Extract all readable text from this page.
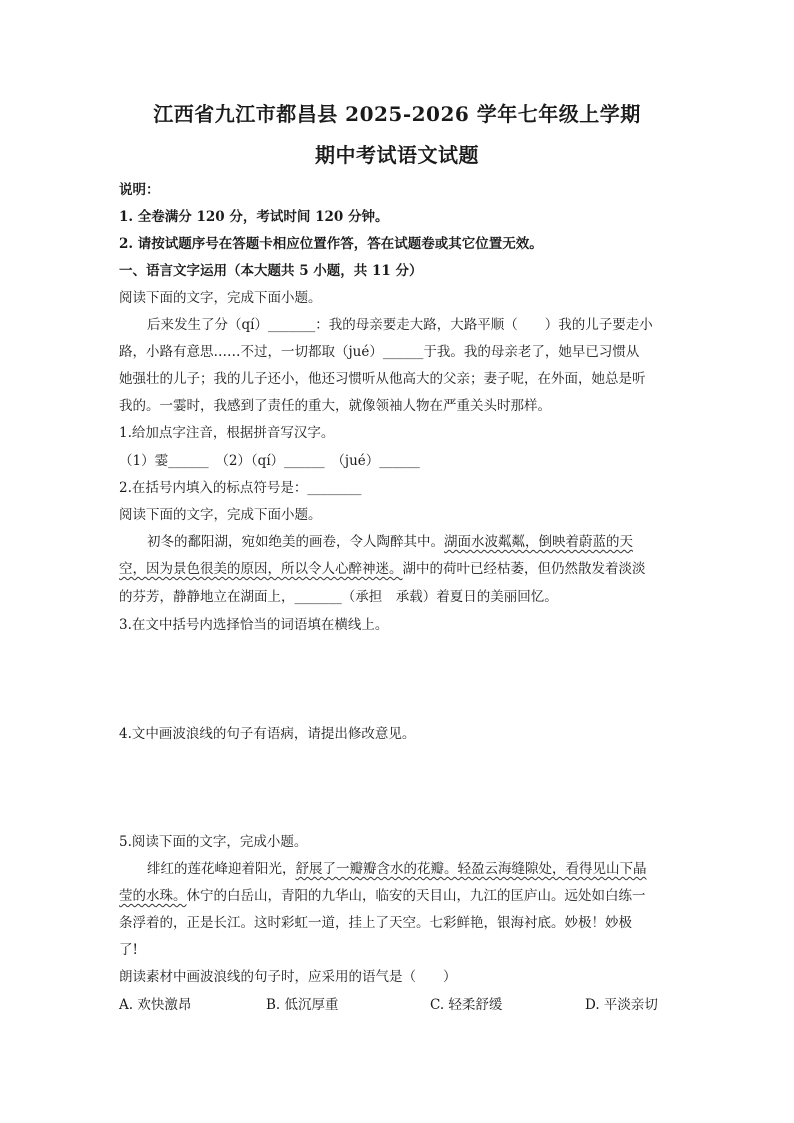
江西省九江市都昌县 2025-2026 学年七年级上学期
期中考试语文试题
说明：
1. 全卷满分 120 分，考试时间 120 分钟。
2. 请按试题序号在答题卡相应位置作答，答在试题卷或其它位置无效。
一、语言文字运用（本大题共 5 小题，共 11 分）
阅读下面的文字，完成下面小题。
后来发生了分（qí）_______：我的母亲要走大路，大路平顺（　　）我的儿子要走小
路，小路有意思……不过，一切都取（jué）______于我。我的母亲老了，她早已习惯从
她强壮的儿子；我的儿子还小，他还习惯听从他高大的父亲；妻子呢，在外面，她总是听
我的。一霎时，我感到了责任的重大，就像领袖人物在严重关头时那样。
1.给加点字注音，根据拼音写汉字。
（1）霎______　（2）（qí）______　（jué）______
2.在括号内填入的标点符号是：________
阅读下面的文字，完成下面小题。
初冬的鄱阳湖，宛如绝美的画卷，令人陶醉其中。湖面水波粼粼，倒映着蔚蓝的天
空，因为景色很美的原因，所以令人心醉神迷。湖中的荷叶已经枯萎，但仍然散发着淡淡
的芬芳，静静地立在湖面上，_______（承担　承载）着夏日的美丽回忆。
3.在文中括号内选择恰当的词语填在横线上。
4.文中画波浪线的句子有语病，请提出修改意见。
5.阅读下面的文字，完成小题。
绯红的莲花峰迎着阳光，舒展了一瓣瓣含水的花瓣。轻盈云海缝隙处，看得见山下晶
莹的水珠。休宁的白岳山，青阳的九华山，临安的天目山，九江的匡庐山。远处如白练一
条浮着的，正是长江。这时彩虹一道，挂上了天空。七彩鲜艳，银海衬底。妙极！妙极
了!
朗读素材中画波浪线的句子时，应采用的语气是（　　）
A. 欢快激昂	B. 低沉厚重	C. 轻柔舒缓	D. 平淡亲切
